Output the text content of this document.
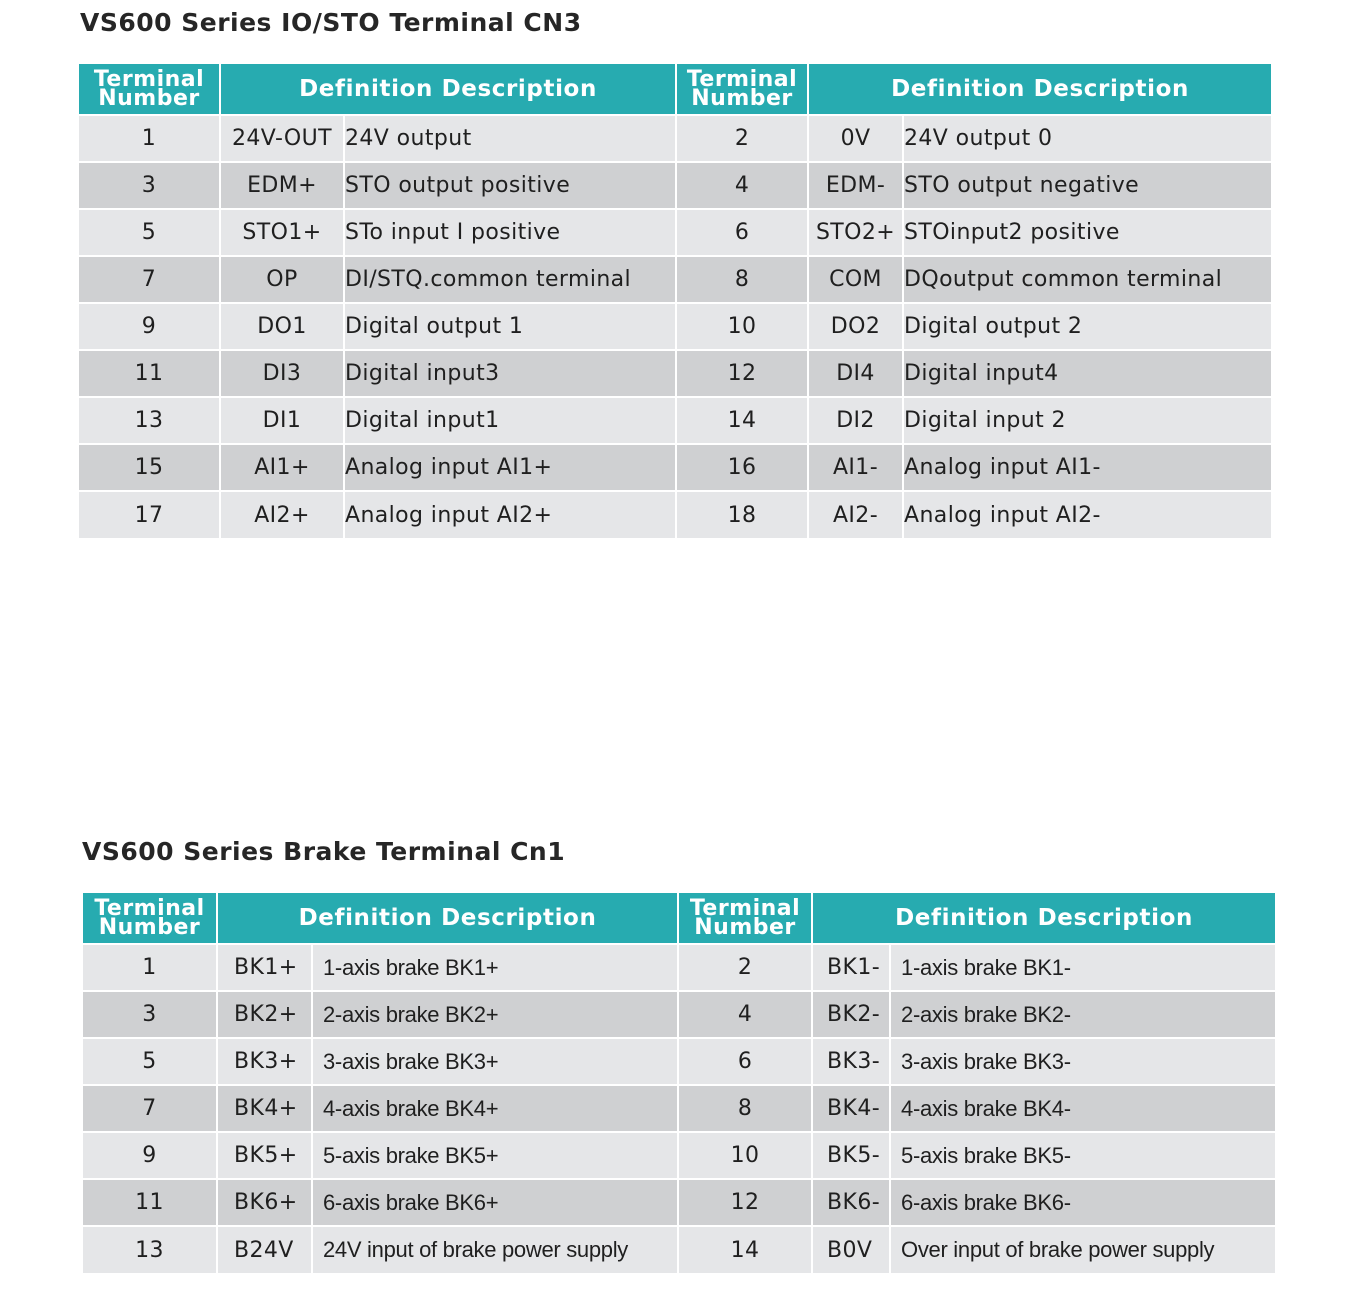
VS600 Series IO/STO Terminal CN3
Terminal
Number	Definition Description		Terminal
Number	Definition Description	
1	24V-OUT	24V output	2	0V	24V output 0
3	EDM+	STO output positive	4	EDM-	STO output negative
5	STO1+	STo input I positive	6	STO2+	STOinput2 positive
7	OP	DI/STQ.common terminal	8	COM	DQoutput common terminal
9	DO1	Digital output 1	10	DO2	Digital output 2
11	DI3	Digital input3	12	DI4	Digital input4
13	DI1	Digital input1	14	DI2	Digital input 2
15	AI1+	Analog input AI1+	16	AI1-	Analog input AI1-
17	AI2+	Analog input AI2+	18	AI2-	Analog input AI2-
VS600 Series Brake Terminal Cn1
Terminal
Number	Definition Description		Terminal
Number	Definition Description	
1	BK1+	1-axis brake BK1+	2	BK1-	1-axis brake BK1-
3	BK2+	2-axis brake BK2+	4	BK2-	2-axis brake BK2-
5	BK3+	3-axis brake BK3+	6	BK3-	3-axis brake BK3-
7	BK4+	4-axis brake BK4+	8	BK4-	4-axis brake BK4-
9	BK5+	5-axis brake BK5+	10	BK5-	5-axis brake BK5-
11	BK6+	6-axis brake BK6+	12	BK6-	6-axis brake BK6-
13	B24V	24V input of brake power supply	14	B0V	Over input of brake power supply
